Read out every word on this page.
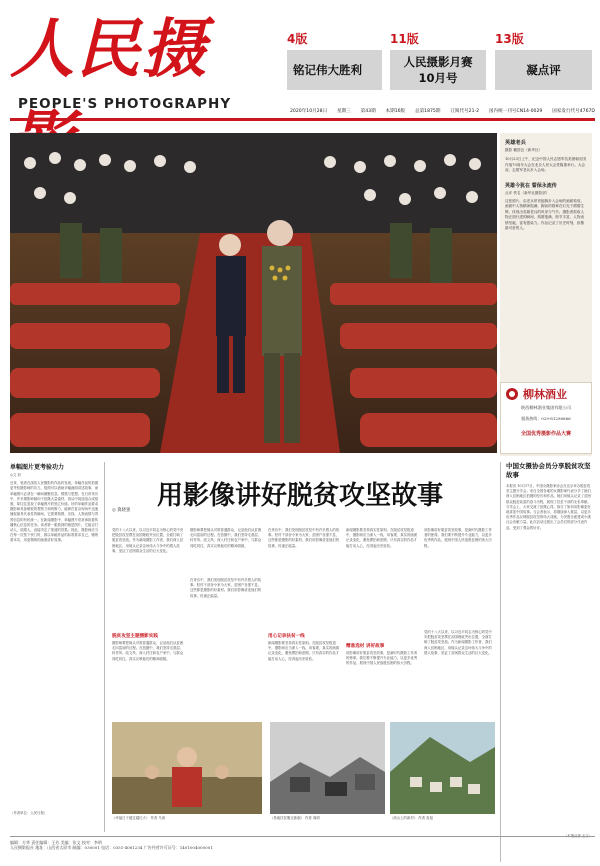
人民摄
PEOPLE'S PHOTOGRAPHY
4版
铭记伟大胜利
11版
人民摄影月赛
10月号
13版
凝点评
2020年10月28日 星期三 第43期 本期16版 总第1875期 订阅代号21-2 国内统一刊号CN14-0029 国家发行代号4767D
英雄老兵
摄影 戴国良（新华社）
10月23日上午，纪念中国人民志愿军抗美援朝出国作战70周年大会在北京人民大会堂隆重举行。大会前，志愿军老兵步入会场。
英雄今犹在 誓保永流传
点评 佚名（新华社摄影部）
这张照片，由老兵昂首挺胸步入会场的画面构成，画面中人物精神饱满，胸前的勋章在灯光下熠熠生辉，体现出英雄老兵的风采与气节。摄影者抓取人物正面行进的瞬间，构图饱满，细节丰富，人物表情坚毅，富有感染力。作品记录了历史时刻，致敬最可爱的人。
柳林酒业
陕西柳林酒业集团有限公司
服务热线：029-81296866
全国优秀摄影作品大赛
单幅图片更考验功力
◎文 刘
近来，笔者在浏览人民摄影的作品时发现，单幅作品的拍摄更考验摄影师的功力。组照可以借助多幅画面讲述故事，而单幅图片必须在一瞬间凝聚信息、情感与思想。在日常采访中，许多摄影师倾向于拍摄大量素材，再从中挑选组合成组照，却往往忽视了单幅图片的独立价值。好的单幅作品要求摄影师具备敏锐的观察力和判断力，能够在复杂现场中迅速捕捉最具代表性的瞬间。它需要构图、光线、人物表情与背景信息的有机统一。在新闻摄影中，单幅图片常常承担着传播核心信息的任务。读者第一眼看到的就是图片，它能否打动人、说服人，直接决定了报道的效果。因此，摄影师应当在每一次按下快门时，都以单幅作品的标准要求自己，锤炼基本功，用更精炼的画面讲好故事。
（作者单位：人民日报）
用影像讲好脱贫攻坚故事
◎ 冀晓强
党的十八大以来，以习近平同志为核心的党中央把脱贫攻坚摆在治国理政突出位置，全面打响了脱贫攻坚战。作为新闻摄影工作者，我们深入贫困地区，用镜头记录这场伟大斗争中的感人故事，见证了贫困群众生活的巨大变化。
摄影师要把镜头对准普通群众，记录他们从贫困走向富裕的过程。在拍摄中，我们坚持走基层、转作风、改文风，深入村庄和农户家中，与群众同吃同住，真实反映他们的精神面貌。
在采访中，我们发现脱贫攻坚中有许多感人的故事。驻村干部舍小家为大家，贫困户自强不息，这些都是摄影的好素材。我们用影像讲述他们的故事，传递正能量。
新闻摄影要坚持真实性原则。在脱贫攻坚报道中，摄影师应当深入一线，用客观、真实的画面记录变化，避免摆拍和虚假。只有真实的作品才能打动人心，经得起历史检验。
用影像讲好脱贫攻坚故事，是新时代摄影工作者的使命。我们要不断提升专业能力，以更多优秀的作品，展现中国人民战胜贫困的伟大历程。
脱贫攻坚主题摄影实践
摄影师要把镜头对准普通群众，记录他们从贫困走向富裕的过程。在拍摄中，我们坚持走基层、转作风、改文风，深入村庄和农户家中，与群众同吃同住，真实反映他们的精神面貌。
在采访中，我们发现脱贫攻坚中有许多感人的故事。驻村干部舍小家为大家，贫困户自强不息，这些都是摄影的好素材。我们用影像讲述他们的故事，传递正能量。
用心记录扶贫一线
新闻摄影要坚持真实性原则。在脱贫攻坚报道中，摄影师应当深入一线，用客观、真实的画面记录变化，避免摆拍和虚假。只有真实的作品才能打动人心，经得起历史检验。
精准选材 讲好故事
用影像讲好脱贫攻坚故事，是新时代摄影工作者的使命。我们要不断提升专业能力，以更多优秀的作品，展现中国人民战胜贫困的伟大历程。
党的十八大以来，以习近平同志为核心的党中央把脱贫攻坚摆在治国理政突出位置，全面打响了脱贫攻坚战。作为新闻摄影工作者，我们深入贫困地区，用镜头记录这场伟大斗争中的感人故事，见证了贫困群众生活的巨大变化。
《幸福日子越过越红火》 作者 马涛	《易地扶贫搬迁新貌》 作者 周明	《高山上的新村》 作者 高旭
中国女摄协会员分享脱贫攻坚故事
本报讯 10月17日，中国女摄影家协会在北京举办脱贫攻坚主题分享会。来自全国各地的女摄影师代表分享了她们深入贫困地区拍摄的经历和作品。她们用镜头记录了贫困群众脱贫致富的奋斗历程，展现了扶贫干部的无私奉献。分享会上，大家交流了拍摄心得，探讨了如何用影像更好地讲述中国故事。与会者表示，将继续深入基层，以更多优秀作品反映脱贫攻坚的伟大成就，为决胜全面建成小康社会贡献力量。此次活动还展出了会员们的部分代表作品，受到了观众的好评。
（本报记者 王文）
编辑：方华 责任编辑：王芳 美编：张文 校对：李明
人民摄影报社 地址：山西省太原市 邮编：030001 电话：0351-4061234 广告经营许可证号：1401004000001
